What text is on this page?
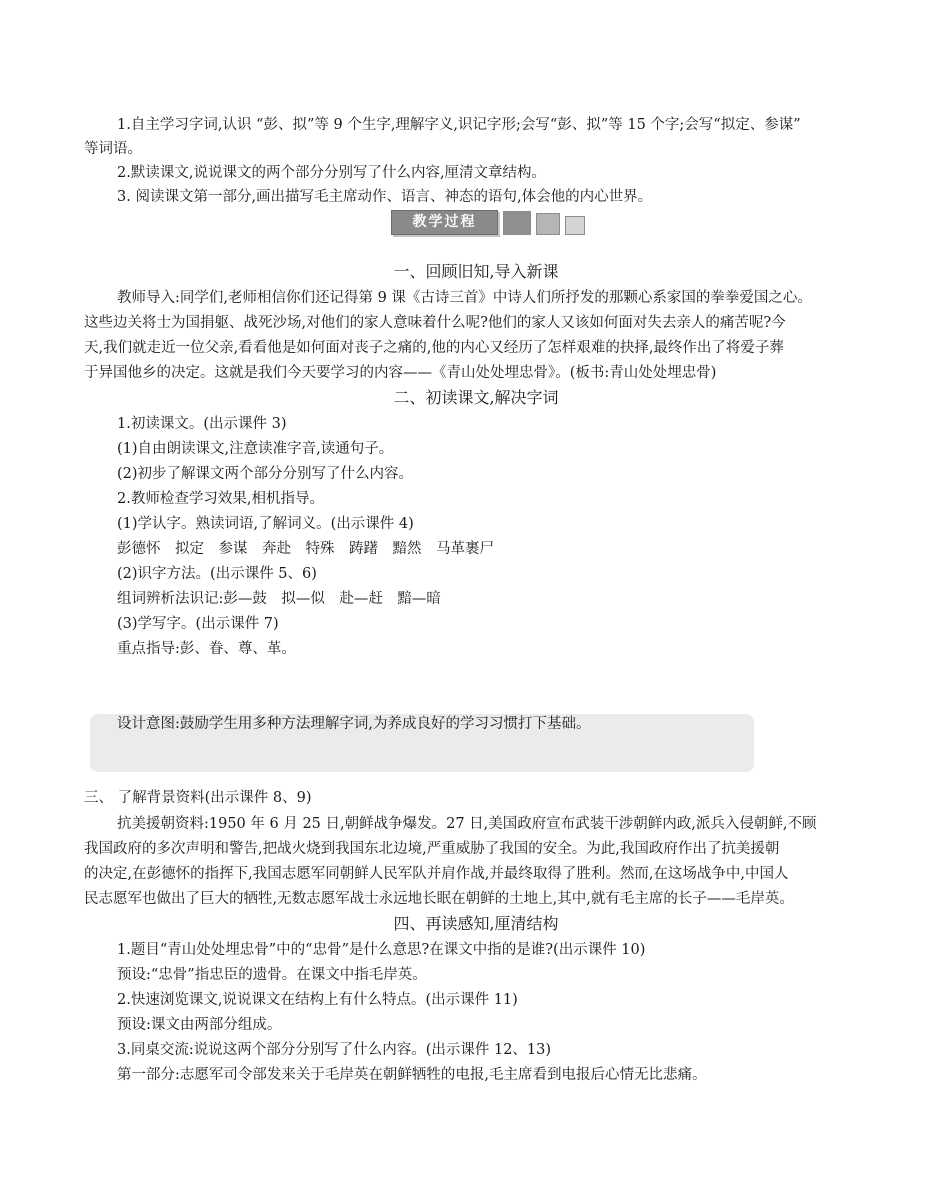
1.自主学习字词,认识 “彭、拟”等 9 个生字,理解字义,识记字形;会写“彭、拟”等 15 个字;会写“拟定、参谋”
等词语。
2.默读课文,说说课文的两个部分分别写了什么内容,厘清文章结构。
3. 阅读课文第一部分,画出描写毛主席动作、语言、神态的语句,体会他的内心世界。
教学过程
一、回顾旧知,导入新课
教师导入:同学们,老师相信你们还记得第 9 课《古诗三首》中诗人们所抒发的那颗心系家国的拳拳爱国之心。
这些边关将士为国捐躯、战死沙场,对他们的家人意味着什么呢?他们的家人又该如何面对失去亲人的痛苦呢?今
天,我们就走近一位父亲,看看他是如何面对丧子之痛的,他的内心又经历了怎样艰难的抉择,最终作出了将爱子葬
于异国他乡的决定。这就是我们今天要学习的内容——《青山处处埋忠骨》。(板书:青山处处埋忠骨)
二、初读课文,解决字词
1.初读课文。(出示课件 3)
(1)自由朗读课文,注意读准字音,读通句子。
(2)初步了解课文两个部分分别写了什么内容。
2.教师检查学习效果,相机指导。
(1)学认字。熟读词语,了解词义。(出示课件 4)
彭德怀　拟定　参谋　奔赴　特殊　踌躇　黯然　马革裹尸
(2)识字方法。(出示课件 5、6)
组词辨析法识记:彭—鼓　拟—似　赴—赶　黯—暗
(3)学写字。(出示课件 7)
重点指导:彭、眷、尊、革。
设计意图:鼓励学生用多种方法理解字词,为养成良好的学习习惯打下基础。
三、 了解背景资料(出示课件 8、9)
抗美援朝资料:1950 年 6 月 25 日,朝鲜战争爆发。27 日,美国政府宣布武装干涉朝鲜内政,派兵入侵朝鲜,不顾
我国政府的多次声明和警告,把战火烧到我国东北边境,严重威胁了我国的安全。为此,我国政府作出了抗美援朝
的决定,在彭德怀的指挥下,我国志愿军同朝鲜人民军队并肩作战,并最终取得了胜利。然而,在这场战争中,中国人
民志愿军也做出了巨大的牺牲,无数志愿军战士永远地长眠在朝鲜的土地上,其中,就有毛主席的长子——毛岸英。
四、再读感知,厘清结构
1.题目“青山处处埋忠骨”中的“忠骨”是什么意思?在课文中指的是谁?(出示课件 10)
预设:“忠骨”指忠臣的遗骨。在课文中指毛岸英。
2.快速浏览课文,说说课文在结构上有什么特点。(出示课件 11)
预设:课文由两部分组成。
3.同桌交流:说说这两个部分分别写了什么内容。(出示课件 12、13)
第一部分:志愿军司令部发来关于毛岸英在朝鲜牺牲的电报,毛主席看到电报后心情无比悲痛。
